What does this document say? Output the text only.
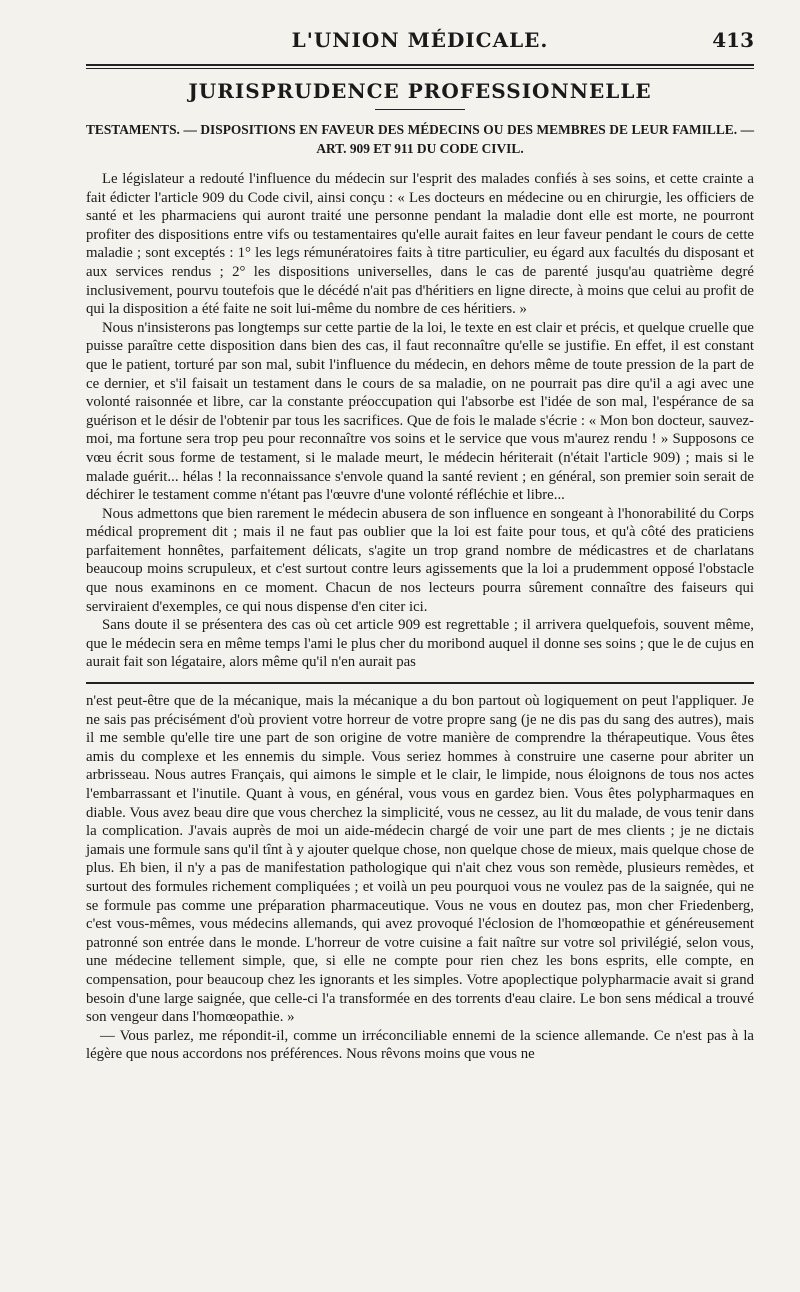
L'UNION MÉDICALE.	413
JURISPRUDENCE PROFESSIONNELLE
TESTAMENTS. — DISPOSITIONS EN FAVEUR DES MÉDECINS OU DES MEMBRES DE LEUR FAMILLE. — ART. 909 ET 911 DU CODE CIVIL.

Le législateur a redouté l'influence du médecin sur l'esprit des malades confiés à ses soins, et cette crainte a fait édicter l'article 909 du Code civil, ainsi conçu : « Les docteurs en médecine ou en chirurgie, les officiers de santé et les pharmaciens qui auront traité une personne pendant la maladie dont elle est morte, ne pourront profiter des dispositions entre vifs ou testamentaires qu'elle aurait faites en leur faveur pendant le cours de cette maladie ; sont exceptés : 1° les legs rémunératoires faits à titre particulier, eu égard aux facultés du disposant et aux services rendus ; 2° les dispositions universelles, dans le cas de parenté jusqu'au quatrième degré inclusivement, pourvu toutefois que le décédé n'ait pas d'héritiers en ligne directe, à moins que celui au profit de qui la disposition a été faite ne soit lui-même du nombre de ces héritiers. »

Nous n'insisterons pas longtemps sur cette partie de la loi, le texte en est clair et précis, et quelque cruelle que puisse paraître cette disposition dans bien des cas, il faut reconnaître qu'elle se justifie. En effet, il est constant que le patient, torturé par son mal, subit l'influence du médecin, en dehors même de toute pression de la part de ce dernier, et s'il faisait un testament dans le cours de sa maladie, on ne pourrait pas dire qu'il a agi avec une volonté raisonnée et libre, car la constante préoccupation qui l'absorbe est l'idée de son mal, l'espérance de sa guérison et le désir de l'obtenir par tous les sacrifices. Que de fois le malade s'écrie : « Mon bon docteur, sauvez-moi, ma fortune sera trop peu pour reconnaître vos soins et le service que vous m'aurez rendu ! » Supposons ce vœu écrit sous forme de testament, si le malade meurt, le médecin hériterait (n'était l'article 909) ; mais si le malade guérit... hélas ! la reconnaissance s'envole quand la santé revient ; en général, son premier soin serait de déchirer le testament comme n'étant pas l'œuvre d'une volonté réfléchie et libre...

Nous admettons que bien rarement le médecin abusera de son influence en songeant à l'honorabilité du Corps médical proprement dit ; mais il ne faut pas oublier que la loi est faite pour tous, et qu'à côté des praticiens parfaitement honnêtes, parfaitement délicats, s'agite un trop grand nombre de médicastres et de charlatans beaucoup moins scrupuleux, et c'est surtout contre leurs agissements que la loi a prudemment opposé l'obstacle que nous examinons en ce moment. Chacun de nos lecteurs pourra sûrement connaître des faiseurs qui serviraient d'exemples, ce qui nous dispense d'en citer ici.

Sans doute il se présentera des cas où cet article 909 est regrettable ; il arrivera quelquefois, souvent même, que le médecin sera en même temps l'ami le plus cher du moribond auquel il donne ses soins ; que le de cujus en aurait fait son légataire, alors même qu'il n'en aurait pas

n'est peut-être que de la mécanique, mais la mécanique a du bon partout où logiquement on peut l'appliquer. Je ne sais pas précisément d'où provient votre horreur de votre propre sang (je ne dis pas du sang des autres), mais il me semble qu'elle tire une part de son origine de votre manière de comprendre la thérapeutique. Vous êtes amis du complexe et les ennemis du simple. Vous seriez hommes à construire une caserne pour abriter un arbrisseau. Nous autres Français, qui aimons le simple et le clair, le limpide, nous éloignons de tous nos actes l'embarrassant et l'inutile. Quant à vous, en général, vous vous en gardez bien. Vous êtes polypharmaques en diable. Vous avez beau dire que vous cherchez la simplicité, vous ne cessez, au lit du malade, de vous tenir dans la complication. J'avais auprès de moi un aide-médecin chargé de voir une part de mes clients ; je ne dictais jamais une formule sans qu'il tînt à y ajouter quelque chose, non quelque chose de mieux, mais quelque chose de plus. Eh bien, il n'y a pas de manifestation pathologique qui n'ait chez vous son remède, plusieurs remèdes, et surtout des formules richement compliquées ; et voilà un peu pourquoi vous ne voulez pas de la saignée, qui ne se formule pas comme une préparation pharmaceutique. Vous ne vous en doutez pas, mon cher Friedenberg, c'est vous-mêmes, vous médecins allemands, qui avez provoqué l'éclosion de l'homœopathie et généreusement patronné son entrée dans le monde. L'horreur de votre cuisine a fait naître sur votre sol privilégié, selon vous, une médecine tellement simple, que, si elle ne compte pour rien chez les bons esprits, elle compte, en compensation, pour beaucoup chez les ignorants et les simples. Votre apoplectique polypharmacie avait si grand besoin d'une large saignée, que celle-ci l'a transformée en des torrents d'eau claire. Le bon sens médical a trouvé son vengeur dans l'homœopathie. »

— Vous parlez, me répondit-il, comme un irréconciliable ennemi de la science allemande. Ce n'est pas à la légère que nous accordons nos préférences. Nous rêvons moins que vous ne
